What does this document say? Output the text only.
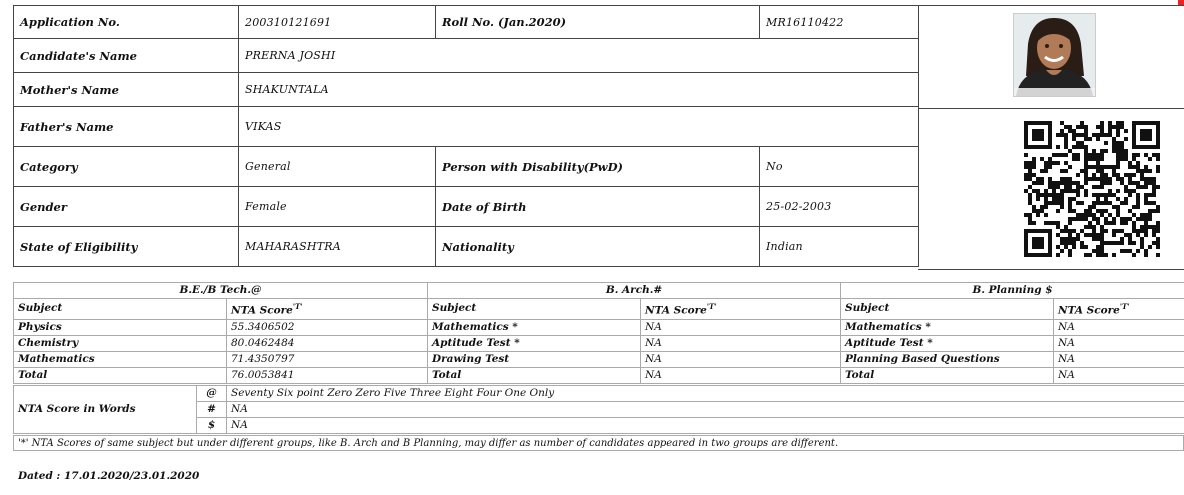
Application No.	200310121691	Roll No. (Jan.2020)	MR16110422
Candidate's Name	PRERNA JOSHI		
Mother's Name	SHAKUNTALA		
Father's Name	VIKAS		
Category	General	Person with Disability(PwD)	No
Gender	Female	Date of Birth	25-02-2003
State of Eligibility	MAHARASHTRA	Nationality	Indian
B.E./B Tech.@		B. Arch.#		B. Planning $	
Subject	NTA Score$^{'T'}$	Subject	NTA Score$^{'T'}$	Subject	NTA Score$^{'T'}$
Physics	55.3406502	Mathematics *	NA	Mathematics *	NA
Chemistry	80.0462484	Aptitude Test *	NA	Aptitude Test *	NA
Mathematics	71.4350797	Drawing Test	NA	Planning Based Questions	NA
Total	76.0053841	Total	NA	Total	NA
NTA Score in Words	@	Seventy Six point Zero Zero Five Three Eight Four One Only
	#	NA
	$	NA
'*' NTA Scores of same subject but under different groups, like B. Arch and B Planning, may differ as number of candidates appeared in two groups are different.
Dated : 17.01.2020/23.01.2020
